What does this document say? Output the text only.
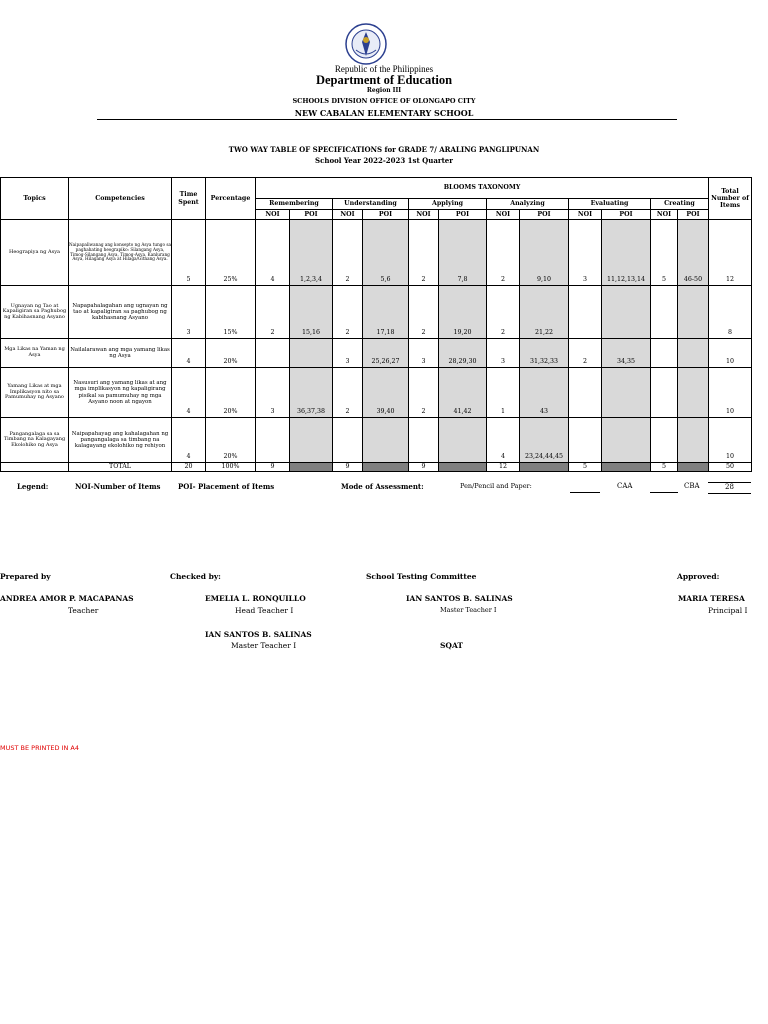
Republic of the Philippines
Department of Education
Region III
SCHOOLS DIVISION OFFICE OF OLONGAPO CITY
NEW CABALAN ELEMENTARY SCHOOL
TWO WAY TABLE OF SPECIFICATIONS for GRADE 7/ ARALING PANGLIPUNAN
School Year 2022-2023 1st Quarter
Topics	Competencies	Time Spent	Percentage	BLOOMS TAXONOMY												Total Number of Items
				Remembering		Understanding		Applying		Analyzing		Evaluating		Creating		
				NOI	POI	NOI	POI	NOI	POI	NOI	POI	NOI	POI	NOI	POI	
Heograpiya ng Asya	Naipapaliwanag ang konsepto ng Asya tungo sa paghahating heograpiko: Silangang Asya, Timog-Silangang Asya, Timog-Asya, Kanlurang Asya, Hilagang Asya at Hilaga/Gitnang Asya.	5	25%	4	1,2,3,4	2	5,6	2	7,8	2	9,10	3	11,12,13,14	5	46-50	12
Ugnayan ng Tao at Kapaligiran sa Paghubog ng Kabihasnang Asyano	Napapahalagahan ang ugnayan ng tao at kapaligiran sa paghubog ng kabihasnang Asyano	3	15%	2	15,16	2	17,18	2	19,20	2	21,22					8
Mga Likas na Yaman ng Asya	Nailalarawan ang mga yamang likas ng Asya	4	20%			3	25,26,27	3	28,29,30	3	31,32,33	2	34,35			10
Yamang Likas at mga Implikasyon nito sa Pamumuhay ng Asyano	Nasusuri ang yamang likas at ang mga implikasyon ng kapaligirang pisikal sa pamumuhay ng mga Asyano noon at ngayon	4	20%	3	36,37,38	2	39,40	2	41,42	1	43					10
Pangangalaga sa sa Timbang na Kalagayang Ekolohiko ng Asya	Naipapahayag ang kahalagahan ng pangangalaga sa timbang na kalagayang ekolohiko ng rehiyon	4	20%							4	23,24,44,45					10
	TOTAL	20	100%	9		9		9		12		5		5		50
Legend:	NOI-Number of Items	POI- Placement of Items	Mode of Assessment:	Pen/Pencil and Paper:	CAA	CBA	28
Prepared by	Checked by:	School Testing Committee	Approved:
ANDREA AMOR P. MACAPANAS
Teacher
EMELIA L. RONQUILLO
Head Teacher I
IAN SANTOS B. SALINAS
Master Teacher I
MARIA TERESA
Principal I
IAN SANTOS B. SALINAS
Master Teacher I	SQAT
MUST BE PRINTED IN A4
